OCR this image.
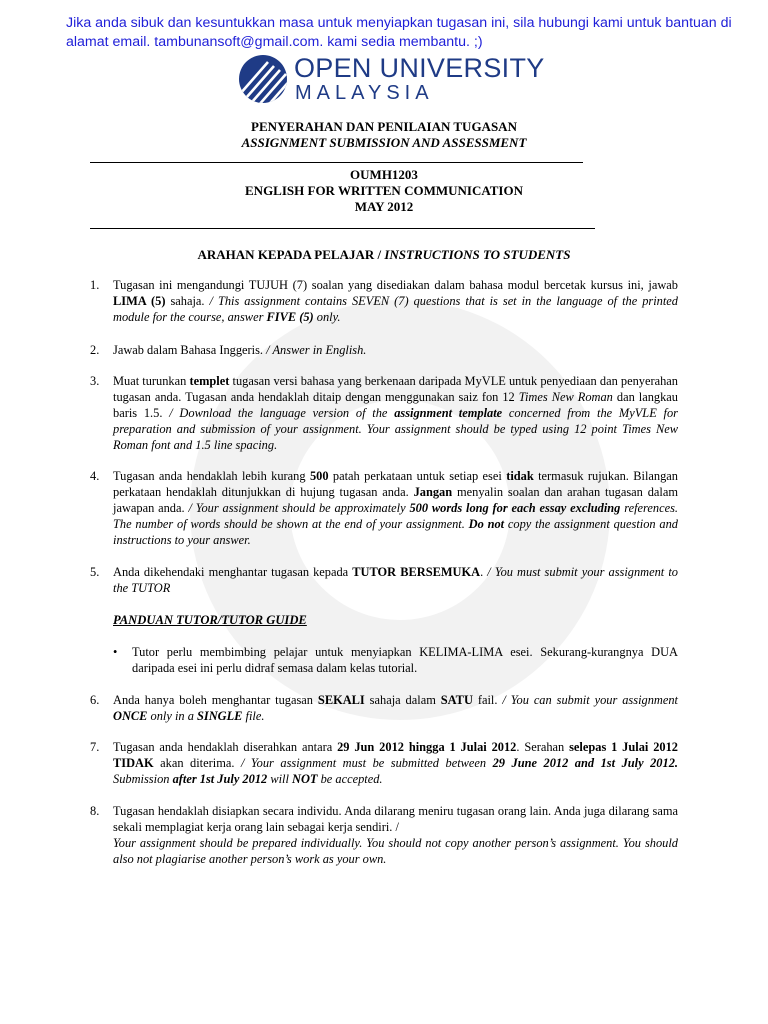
Jika anda sibuk dan kesuntukkan masa untuk menyiapkan tugasan ini, sila hubungi kami untuk bantuan di alamat email. tambunansoft@gmail.com. kami sedia membantu. ;)
OPEN UNIVERSITY
MALAYSIA
PENYERAHAN DAN PENILAIAN TUGASAN
ASSIGNMENT SUBMISSION AND ASSESSMENT
OUMH1203
ENGLISH FOR WRITTEN COMMUNICATION
MAY 2012
ARAHAN KEPADA PELAJAR / INSTRUCTIONS TO STUDENTS
1. Tugasan ini mengandungi TUJUH (7) soalan yang disediakan dalam bahasa modul bercetak kursus ini, jawab LIMA (5) sahaja. / This assignment contains SEVEN (7) questions that is set in the language of the printed module for the course, answer FIVE (5) only.
2. Jawab dalam Bahasa Inggeris. / Answer in English.
3. Muat turunkan templet tugasan versi bahasa yang berkenaan daripada MyVLE untuk penyediaan dan penyerahan tugasan anda. Tugasan anda hendaklah ditaip dengan menggunakan saiz fon 12 Times New Roman dan langkau baris 1.5. / Download the language version of the assignment template concerned from the MyVLE for preparation and submission of your assignment. Your assignment should be typed using 12 point Times New Roman font and 1.5 line spacing.
4. Tugasan anda hendaklah lebih kurang 500 patah perkataan untuk setiap esei tidak termasuk rujukan. Bilangan perkataan hendaklah ditunjukkan di hujung tugasan anda. Jangan menyalin soalan dan arahan tugasan dalam jawapan anda. / Your assignment should be approximately 500 words long for each essay excluding references. The number of words should be shown at the end of your assignment. Do not copy the assignment question and instructions to your answer.
5. Anda dikehendaki menghantar tugasan kepada TUTOR BERSEMUKA. / You must submit your assignment to the TUTOR
PANDUAN TUTOR/TUTOR GUIDE
• Tutor perlu membimbing pelajar untuk menyiapkan KELIMA-LIMA esei. Sekurang-kurangnya DUA daripada esei ini perlu didraf semasa dalam kelas tutorial.
6. Anda hanya boleh menghantar tugasan SEKALI sahaja dalam SATU fail. / You can submit your assignment ONCE only in a SINGLE file.
7. Tugasan anda hendaklah diserahkan antara 29 Jun 2012 hingga 1 Julai 2012. Serahan selepas 1 Julai 2012 TIDAK akan diterima. / Your assignment must be submitted between 29 June 2012 and 1st July 2012. Submission after 1st July 2012 will NOT be accepted.
8. Tugasan hendaklah disiapkan secara individu. Anda dilarang meniru tugasan orang lain. Anda juga dilarang sama sekali memplagiat kerja orang lain sebagai kerja sendiri. /
Your assignment should be prepared individually. You should not copy another person’s assignment. You should also not plagiarise another person’s work as your own.
